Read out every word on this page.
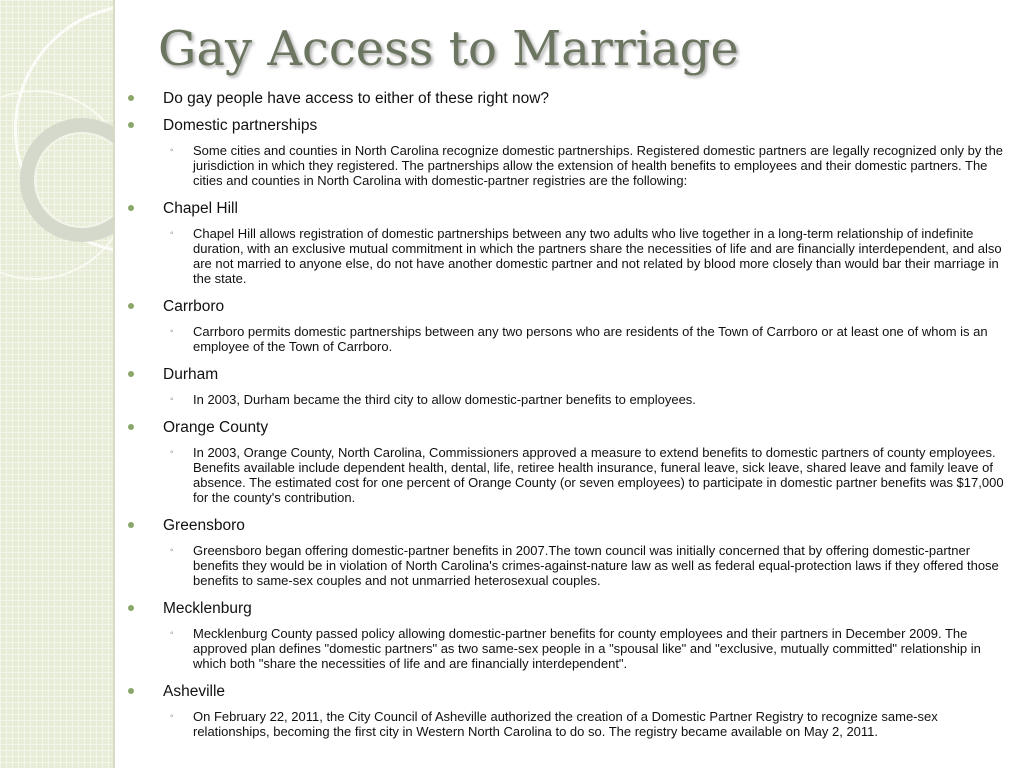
Gay Access to Marriage
Do gay people have access to either of these right now?
Domestic partnerships
◦ Some cities and counties in North Carolina recognize domestic partnerships. Registered domestic partners are legally recognized only by the jurisdiction in which they registered. The partnerships allow the extension of health benefits to employees and their domestic partners. The cities and counties in North Carolina with domestic-partner registries are the following:
Chapel Hill
◦ Chapel Hill allows registration of domestic partnerships between any two adults who live together in a long-term relationship of indefinite duration, with an exclusive mutual commitment in which the partners share the necessities of life and are financially interdependent, and also are not married to anyone else, do not have another domestic partner and not related by blood more closely than would bar their marriage in the state.
Carrboro
◦ Carrboro permits domestic partnerships between any two persons who are residents of the Town of Carrboro or at least one of whom is an employee of the Town of Carrboro.
Durham
◦ In 2003, Durham became the third city to allow domestic-partner benefits to employees.
Orange County
◦ In 2003, Orange County, North Carolina, Commissioners approved a measure to extend benefits to domestic partners of county employees. Benefits available include dependent health, dental, life, retiree health insurance, funeral leave, sick leave, shared leave and family leave of absence. The estimated cost for one percent of Orange County (or seven employees) to participate in domestic partner benefits was $17,000 for the county's contribution.
Greensboro
◦ Greensboro began offering domestic-partner benefits in 2007.The town council was initially concerned that by offering domestic-partner benefits they would be in violation of North Carolina's crimes-against-nature law as well as federal equal-protection laws if they offered those benefits to same-sex couples and not unmarried heterosexual couples.
Mecklenburg
◦ Mecklenburg County passed policy allowing domestic-partner benefits for county employees and their partners in December 2009. The approved plan defines "domestic partners" as two same-sex people in a "spousal like" and "exclusive, mutually committed" relationship in which both "share the necessities of life and are financially interdependent".
Asheville
◦ On February 22, 2011, the City Council of Asheville authorized the creation of a Domestic Partner Registry to recognize same-sex relationships, becoming the first city in Western North Carolina to do so. The registry became available on May 2, 2011.
